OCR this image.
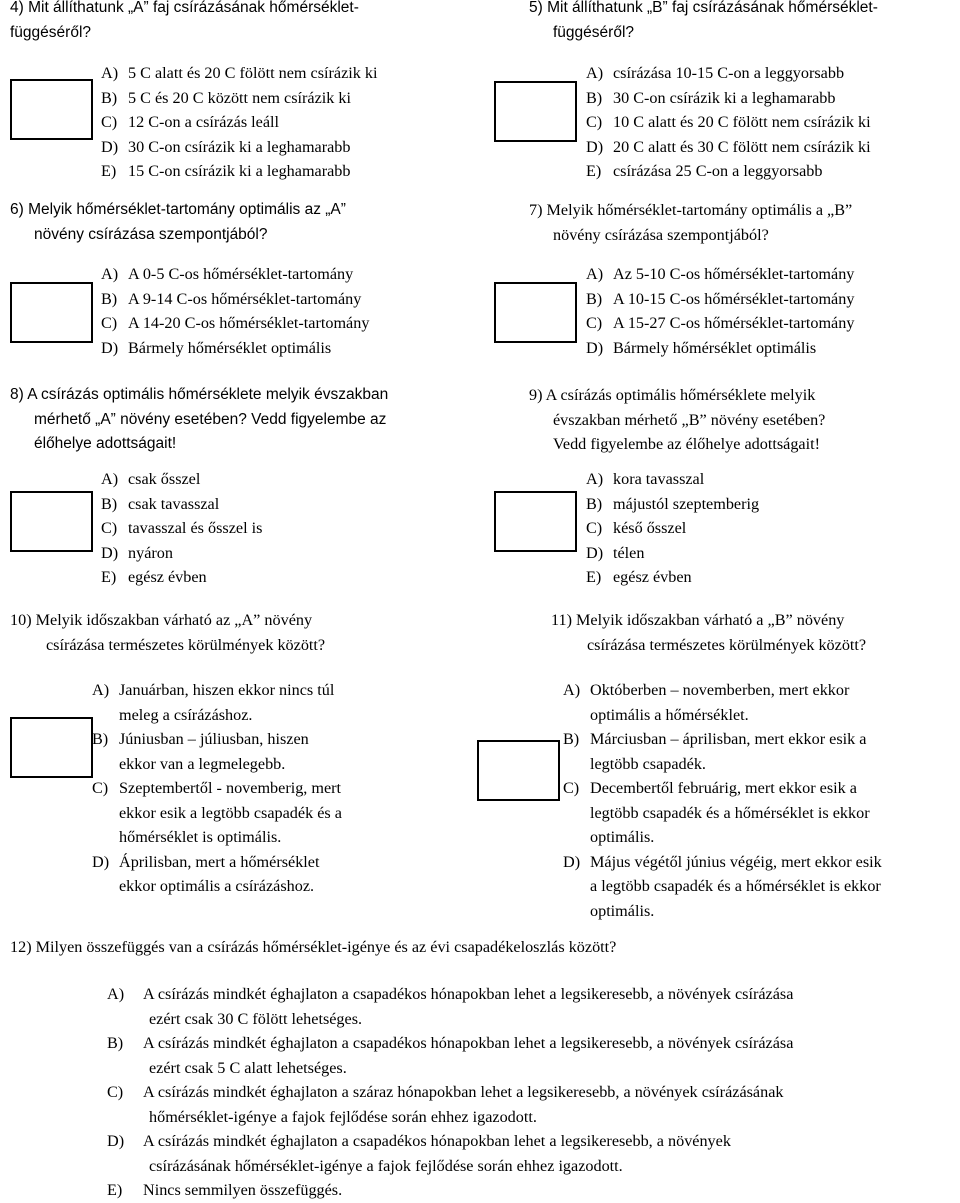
4) Mit állíthatunk „A” faj csírázásának hőmérséklet-
függéséről?
A) 5 C alatt és 20 C fölött nem csírázik ki
B) 5 C és 20 C között nem csírázik ki
C) 12 C-on a csírázás leáll
D) 30 C-on csírázik ki a leghamarabb
E) 15 C-on csírázik ki a leghamarabb
5) Mit állíthatunk „B” faj csírázásának hőmérséklet-
függéséről?
A) csírázása 10-15 C-on a leggyorsabb
B) 30 C-on csírázik ki a leghamarabb
C) 10 C alatt és 20 C fölött nem csírázik ki
D) 20 C alatt és 30 C fölött nem csírázik ki
E) csírázása 25 C-on a leggyorsabb
6) Melyik hőmérséklet-tartomány optimális az „A”
növény csírázása szempontjából?
A) A 0-5 C-os hőmérséklet-tartomány
B) A 9-14 C-os hőmérséklet-tartomány
C) A 14-20 C-os hőmérséklet-tartomány
D) Bármely hőmérséklet optimális
7) Melyik hőmérséklet-tartomány optimális a „B”
növény csírázása szempontjából?
A) Az 5-10 C-os hőmérséklet-tartomány
B) A 10-15 C-os hőmérséklet-tartomány
C) A 15-27 C-os hőmérséklet-tartomány
D) Bármely hőmérséklet optimális
8) A csírázás optimális hőmérséklete melyik évszakban
mérhető „A” növény esetében? Vedd figyelembe az
élőhelye adottságait!
A) csak ősszel
B) csak tavasszal
C) tavasszal és ősszel is
D) nyáron
E) egész évben
9) A csírázás optimális hőmérséklete melyik
évszakban mérhető „B” növény esetében?
Vedd figyelembe az élőhelye adottságait!
A) kora tavasszal
B) májustól szeptemberig
C) késő ősszel
D) télen
E) egész évben
10) Melyik időszakban várható az „A” növény
csírázása természetes körülmények között?
A) Januárban, hiszen ekkor nincs túl
meleg a csírázáshoz.
B) Júniusban – júliusban, hiszen
ekkor van a legmelegebb.
C) Szeptembertől - novemberig, mert
ekkor esik a legtöbb csapadék és a
hőmérséklet is optimális.
D) Áprilisban, mert a hőmérséklet
ekkor optimális a csírázáshoz.
11) Melyik időszakban várható a „B” növény
csírázása természetes körülmények között?
A) Októberben – novemberben, mert ekkor
optimális a hőmérséklet.
B) Márciusban – áprilisban, mert ekkor esik a
legtöbb csapadék.
C) Decembertől februárig, mert ekkor esik a
legtöbb csapadék és a hőmérséklet is ekkor
optimális.
D) Május végétől június végéig, mert ekkor esik
a legtöbb csapadék és a hőmérséklet is ekkor
optimális.
12) Milyen összefüggés van a csírázás hőmérséklet-igénye és az évi csapadékeloszlás között?
A) A csírázás mindkét éghajlaton a csapadékos hónapokban lehet a legsikeresebb, a növények csírázása
ezért csak 30 C fölött lehetséges.
B) A csírázás mindkét éghajlaton a csapadékos hónapokban lehet a legsikeresebb, a növények csírázása
ezért csak 5 C alatt lehetséges.
C) A csírázás mindkét éghajlaton a száraz hónapokban lehet a legsikeresebb, a növények csírázásának
hőmérséklet-igénye a fajok fejlődése során ehhez igazodott.
D) A csírázás mindkét éghajlaton a csapadékos hónapokban lehet a legsikeresebb, a növények
csírázásának hőmérséklet-igénye a fajok fejlődése során ehhez igazodott.
E) Nincs semmilyen összefüggés.
